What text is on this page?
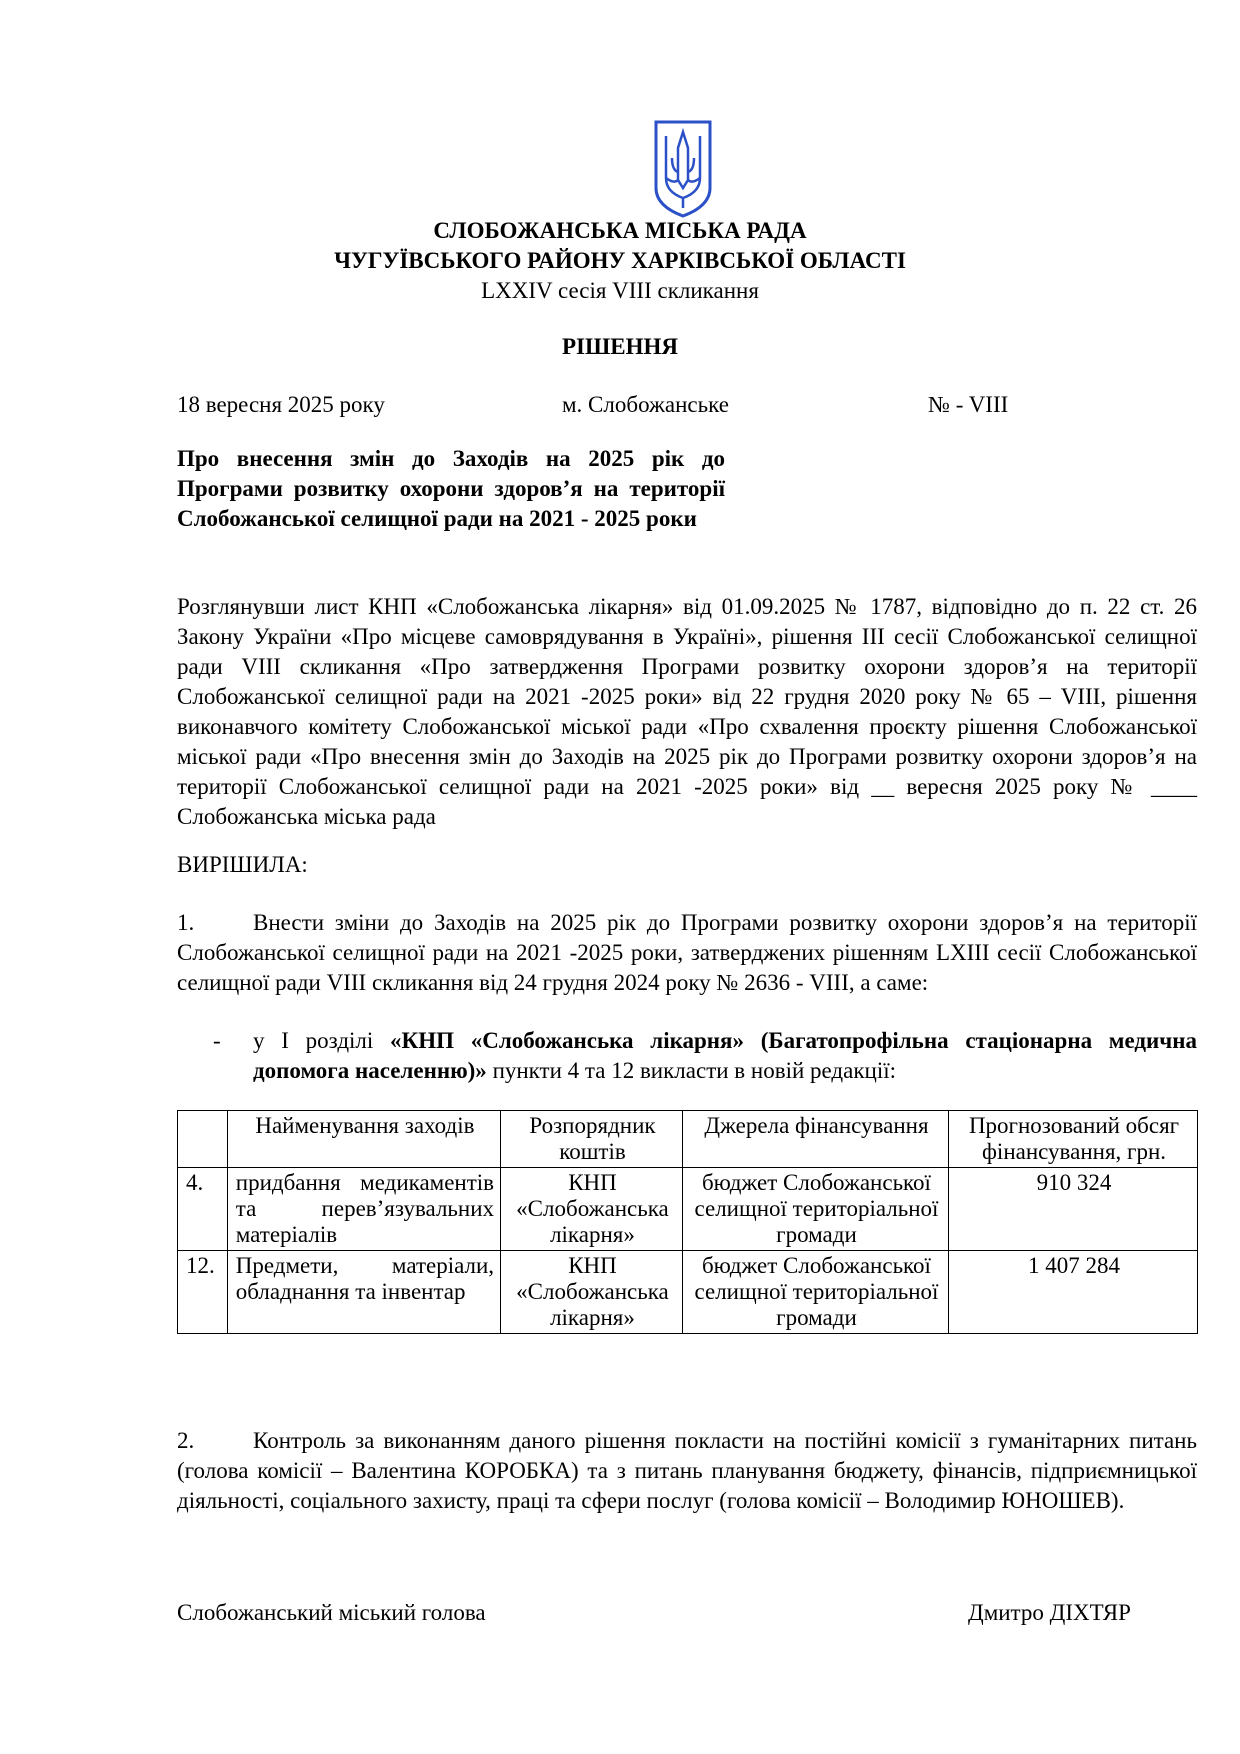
СЛОБОЖАНСЬКА МІСЬКА РАДА
ЧУГУЇВСЬКОГО РАЙОНУ ХАРКІВСЬКОЇ ОБЛАСТІ
LXXIV сесія VIII скликання
РІШЕННЯ
18 вересня 2025 року	м. Слобожанське	№ - VIII
Про внесення змін до Заходів на 2025 рік до Програми розвитку охорони здоров’я на території Слобожанської селищної ради на 2021 - 2025 роки
Розглянувши лист КНП «Слобожанська лікарня» від 01.09.2025 № 1787, відповідно до п. 22 ст. 26 Закону України «Про місцеве самоврядування в Україні», рішення ІІІ сесії Слобожанської селищної ради VIII скликання «Про затвердження Програми розвитку охорони здоров’я на території Слобожанської селищної ради на 2021 -2025 роки» від 22 грудня 2020 року № 65 – VIII, рішення виконавчого комітету Слобожанської міської ради «Про схвалення проєкту рішення Слобожанської міської ради «Про внесення змін до Заходів на 2025 рік до Програми розвитку охорони здоров’я на території Слобожанської селищної ради на 2021 -2025 роки» від __ вересня 2025 року № ____ Слобожанська міська рада
ВИРІШИЛА:
1.	Внести зміни до Заходів на 2025 рік до Програми розвитку охорони здоров’я на території Слобожанської селищної ради на 2021 -2025 роки, затверджених рішенням LXIII сесії Слобожанської селищної ради VIII скликання від 24 грудня 2024 року № 2636 - VIII, а саме:
- у І розділі «КНП «Слобожанська лікарня» (Багатопрофільна стаціонарна медична допомога населенню)» пункти 4 та 12 викласти в новій редакції:
	Найменування заходів	Розпорядник коштів	Джерела фінансування	Прогнозований обсяг фінансування, грн.
4.	придбання медикаментів та перев’язувальних матеріалів	КНП «Слобожанська лікарня»	бюджет Слобожанської селищної територіальної громади	910 324
12.	Предмети, матеріали, обладнання та інвентар	КНП «Слобожанська лікарня»	бюджет Слобожанської селищної територіальної громади	1 407 284
2.	Контроль за виконанням даного рішення покласти на постійні комісії з гуманітарних питань (голова комісії – Валентина КОРОБКА) та з питань планування бюджету, фінансів, підприємницької діяльності, соціального захисту, праці та сфери послуг (голова комісії – Володимир ЮНОШЕВ).
Слобожанський міський голова	Дмитро ДІХТЯР
